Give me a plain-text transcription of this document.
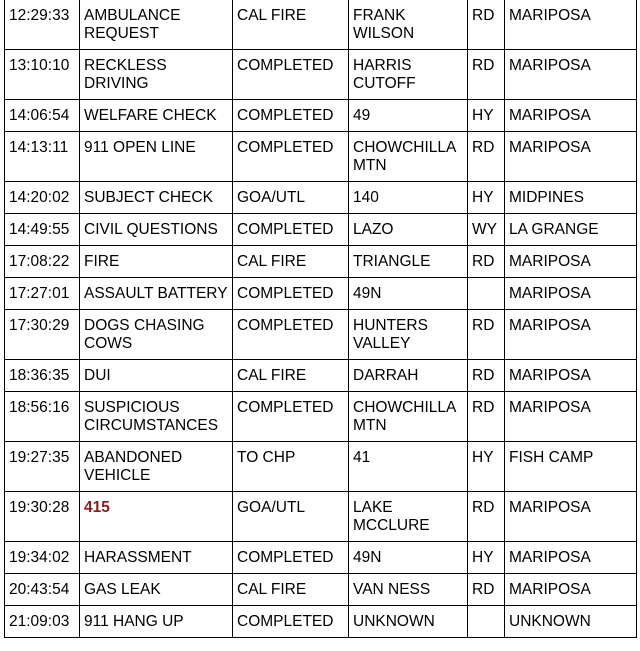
12:29:33	AMBULANCE REQUEST	CAL FIRE	FRANK WILSON	RD	MARIPOSA
13:10:10	RECKLESS DRIVING	COMPLETED	HARRIS CUTOFF	RD	MARIPOSA
14:06:54	WELFARE CHECK	COMPLETED	49	HY	MARIPOSA
14:13:11	911 OPEN LINE	COMPLETED	CHOWCHILLA MTN	RD	MARIPOSA
14:20:02	SUBJECT CHECK	GOA/UTL	140	HY	MIDPINES
14:49:55	CIVIL QUESTIONS	COMPLETED	LAZO	WY	LA GRANGE
17:08:22	FIRE	CAL FIRE	TRIANGLE	RD	MARIPOSA
17:27:01	ASSAULT BATTERY	COMPLETED	49N		MARIPOSA
17:30:29	DOGS CHASING COWS	COMPLETED	HUNTERS VALLEY	RD	MARIPOSA
18:36:35	DUI	CAL FIRE	DARRAH	RD	MARIPOSA
18:56:16	SUSPICIOUS CIRCUMSTANCES	COMPLETED	CHOWCHILLA MTN	RD	MARIPOSA
19:27:35	ABANDONED VEHICLE	TO CHP	41	HY	FISH CAMP
19:30:28	415	GOA/UTL	LAKE MCCLURE	RD	MARIPOSA
19:34:02	HARASSMENT	COMPLETED	49N	HY	MARIPOSA
20:43:54	GAS LEAK	CAL FIRE	VAN NESS	RD	MARIPOSA
21:09:03	911 HANG UP	COMPLETED	UNKNOWN		UNKNOWN
